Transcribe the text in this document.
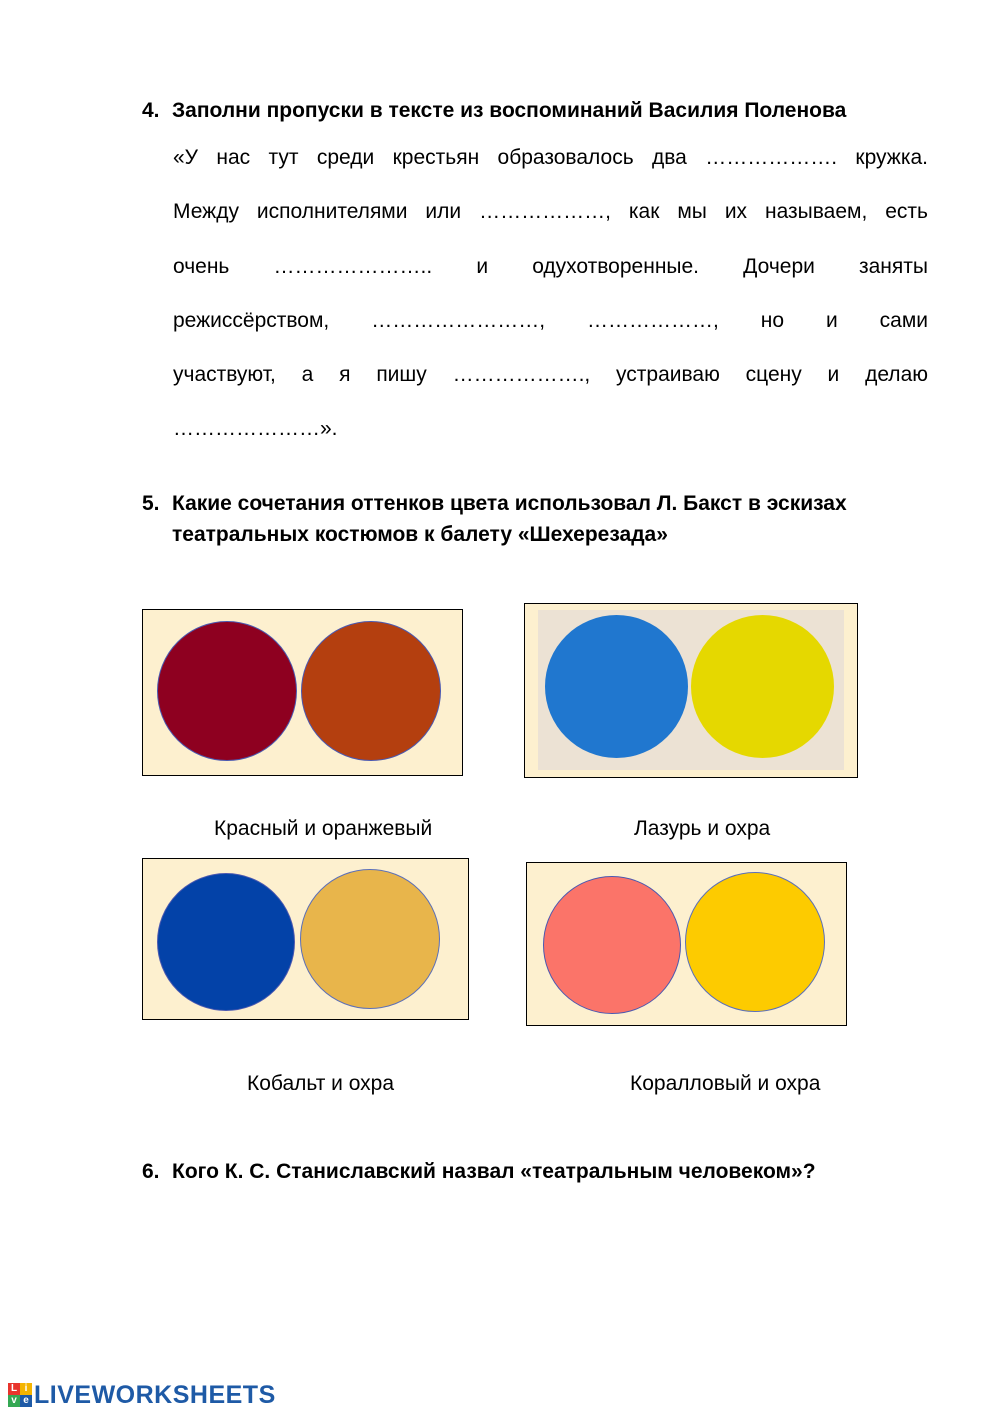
4. Заполни пропуски в тексте из воспоминаний Василия Поленова
«У нас тут среди крестьян образовалось два ………………. кружка.
Между исполнителями или ………………, как мы их называем, есть
очень ………………….. и одухотворенные. Дочери заняты
режиссёрством, ……………………, ………………, но и сами
участвуют, а я пишу ………………., устраиваю сцену и делаю
…………………».
5. Какие сочетания оттенков цвета использовал Л. Бакст в эскизах театральных костюмов к балету «Шехерезада»
Красный и оранжевый	Лазурь и охра
Кобальт и охра	Коралловый и охра
6. Кого К. С. Станиславский назвал «театральным человеком»?
L i
v e LIVEWORKSHEETS
